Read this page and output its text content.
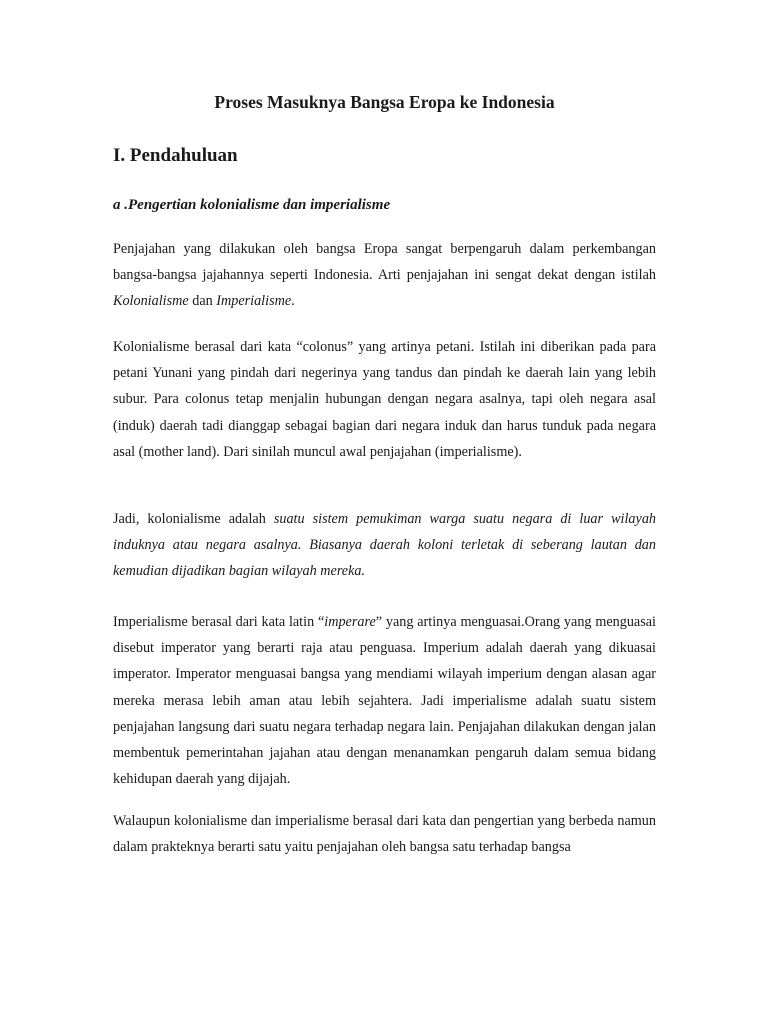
Proses Masuknya Bangsa Eropa ke Indonesia
I. Pendahuluan
a .Pengertian kolonialisme dan imperialisme

Penjajahan yang dilakukan oleh bangsa Eropa sangat berpengaruh dalam perkembangan bangsa-bangsa jajahannya seperti Indonesia. Arti penjajahan ini sengat dekat dengan istilah Kolonialisme dan Imperialisme.

Kolonialisme berasal dari kata “colonus” yang artinya petani. Istilah ini diberikan pada para petani Yunani yang pindah dari negerinya yang tandus dan pindah ke daerah lain yang lebih subur. Para colonus tetap menjalin hubungan dengan negara asalnya, tapi oleh negara asal (induk) daerah tadi dianggap sebagai bagian dari negara induk dan harus tunduk pada negara asal (mother land). Dari sinilah muncul awal penjajahan (imperialisme).

Jadi, kolonialisme adalah suatu sistem pemukiman warga suatu negara di luar wilayah induknya atau negara asalnya. Biasanya daerah koloni terletak di seberang lautan dan kemudian dijadikan bagian wilayah mereka.

Imperialisme berasal dari kata latin “imperare” yang artinya menguasai.Orang yang menguasai disebut imperator yang berarti raja atau penguasa. Imperium adalah daerah yang dikuasai imperator. Imperator menguasai bangsa yang mendiami wilayah imperium dengan alasan agar mereka merasa lebih aman atau lebih sejahtera. Jadi imperialisme adalah suatu sistem penjajahan langsung dari suatu negara terhadap negara lain. Penjajahan dilakukan dengan jalan membentuk pemerintahan jajahan atau dengan menanamkan pengaruh dalam semua bidang kehidupan daerah yang dijajah.

Walaupun kolonialisme dan imperialisme berasal dari kata dan pengertian yang berbeda namun dalam prakteknya berarti satu yaitu penjajahan oleh bangsa satu terhadap bangsa
